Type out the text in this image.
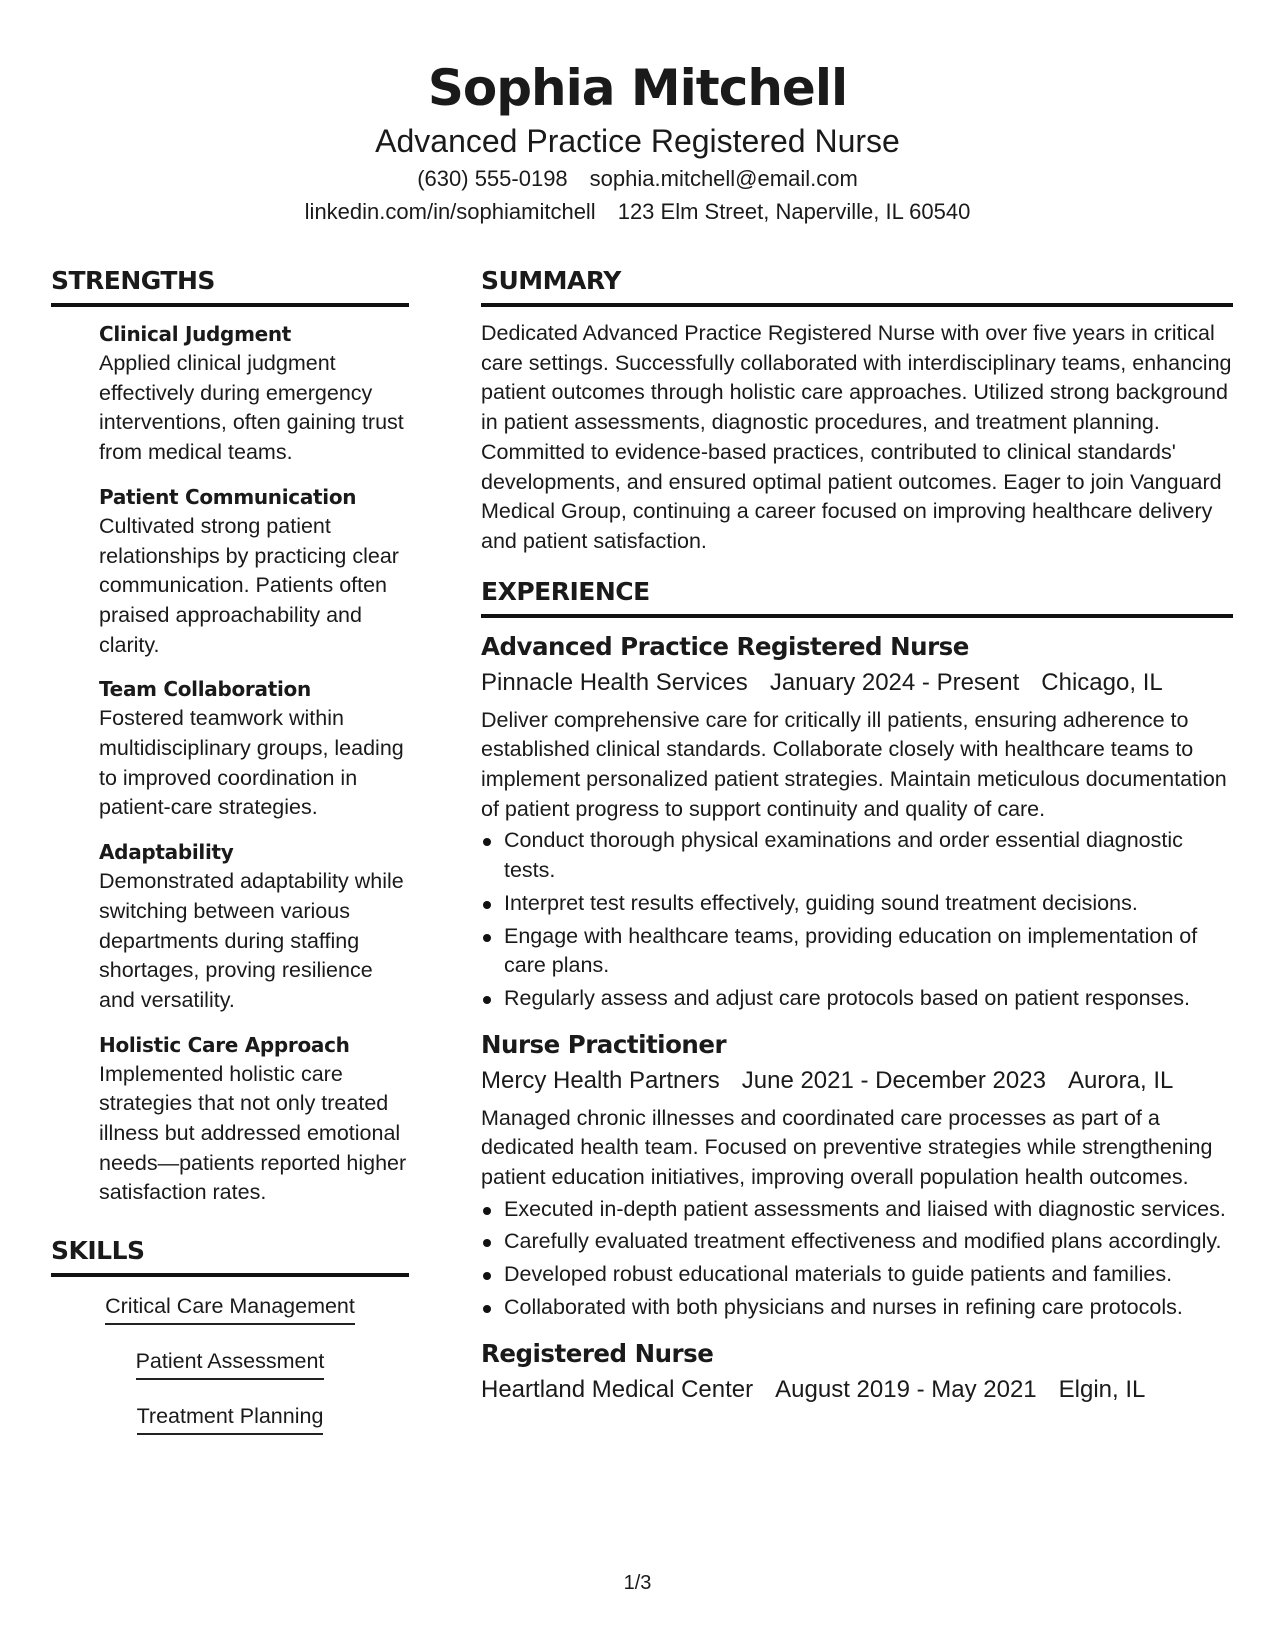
Sophia Mitchell
Advanced Practice Registered Nurse
(630) 555-0198 sophia.mitchell@email.com
linkedin.com/in/sophiamitchell 123 Elm Street, Naperville, IL 60540
STRENGTHS
Clinical Judgment
Applied clinical judgment effectively during emergency interventions, often gaining trust from medical teams.
Patient Communication
Cultivated strong patient relationships by practicing clear communication. Patients often praised approachability and clarity.
Team Collaboration
Fostered teamwork within multidisciplinary groups, leading to improved coordination in patient-care strategies.
Adaptability
Demonstrated adaptability while switching between various departments during staffing shortages, proving resilience and versatility.
Holistic Care Approach
Implemented holistic care strategies that not only treated illness but addressed emotional needs—patients reported higher satisfaction rates.
SKILLS
Critical Care Management
Patient Assessment
Treatment Planning
SUMMARY

Dedicated Advanced Practice Registered Nurse with over five years in critical care settings. Successfully collaborated with interdisciplinary teams, enhancing patient outcomes through holistic care approaches. Utilized strong background in patient assessments, diagnostic procedures, and treatment planning. Committed to evidence-based practices, contributed to clinical standards' developments, and ensured optimal patient outcomes. Eager to join Vanguard Medical Group, continuing a career focused on improving healthcare delivery and patient satisfaction.

EXPERIENCE
Advanced Practice Registered Nurse
Pinnacle Health Services January 2024 - Present Chicago, IL

Deliver comprehensive care for critically ill patients, ensuring adherence to established clinical standards. Collaborate closely with healthcare teams to implement personalized patient strategies. Maintain meticulous documentation of patient progress to support continuity and quality of care.

Conduct thorough physical examinations and order essential diagnostic tests.
Interpret test results effectively, guiding sound treatment decisions.
Engage with healthcare teams, providing education on implementation of care plans.
Regularly assess and adjust care protocols based on patient responses.
Nurse Practitioner
Mercy Health Partners June 2021 - December 2023 Aurora, IL

Managed chronic illnesses and coordinated care processes as part of a dedicated health team. Focused on preventive strategies while strengthening patient education initiatives, improving overall population health outcomes.

Executed in-depth patient assessments and liaised with diagnostic services.
Carefully evaluated treatment effectiveness and modified plans accordingly.
Developed robust educational materials to guide patients and families.
Collaborated with both physicians and nurses in refining care protocols.
Registered Nurse
Heartland Medical Center August 2019 - May 2021 Elgin, IL
1/3
